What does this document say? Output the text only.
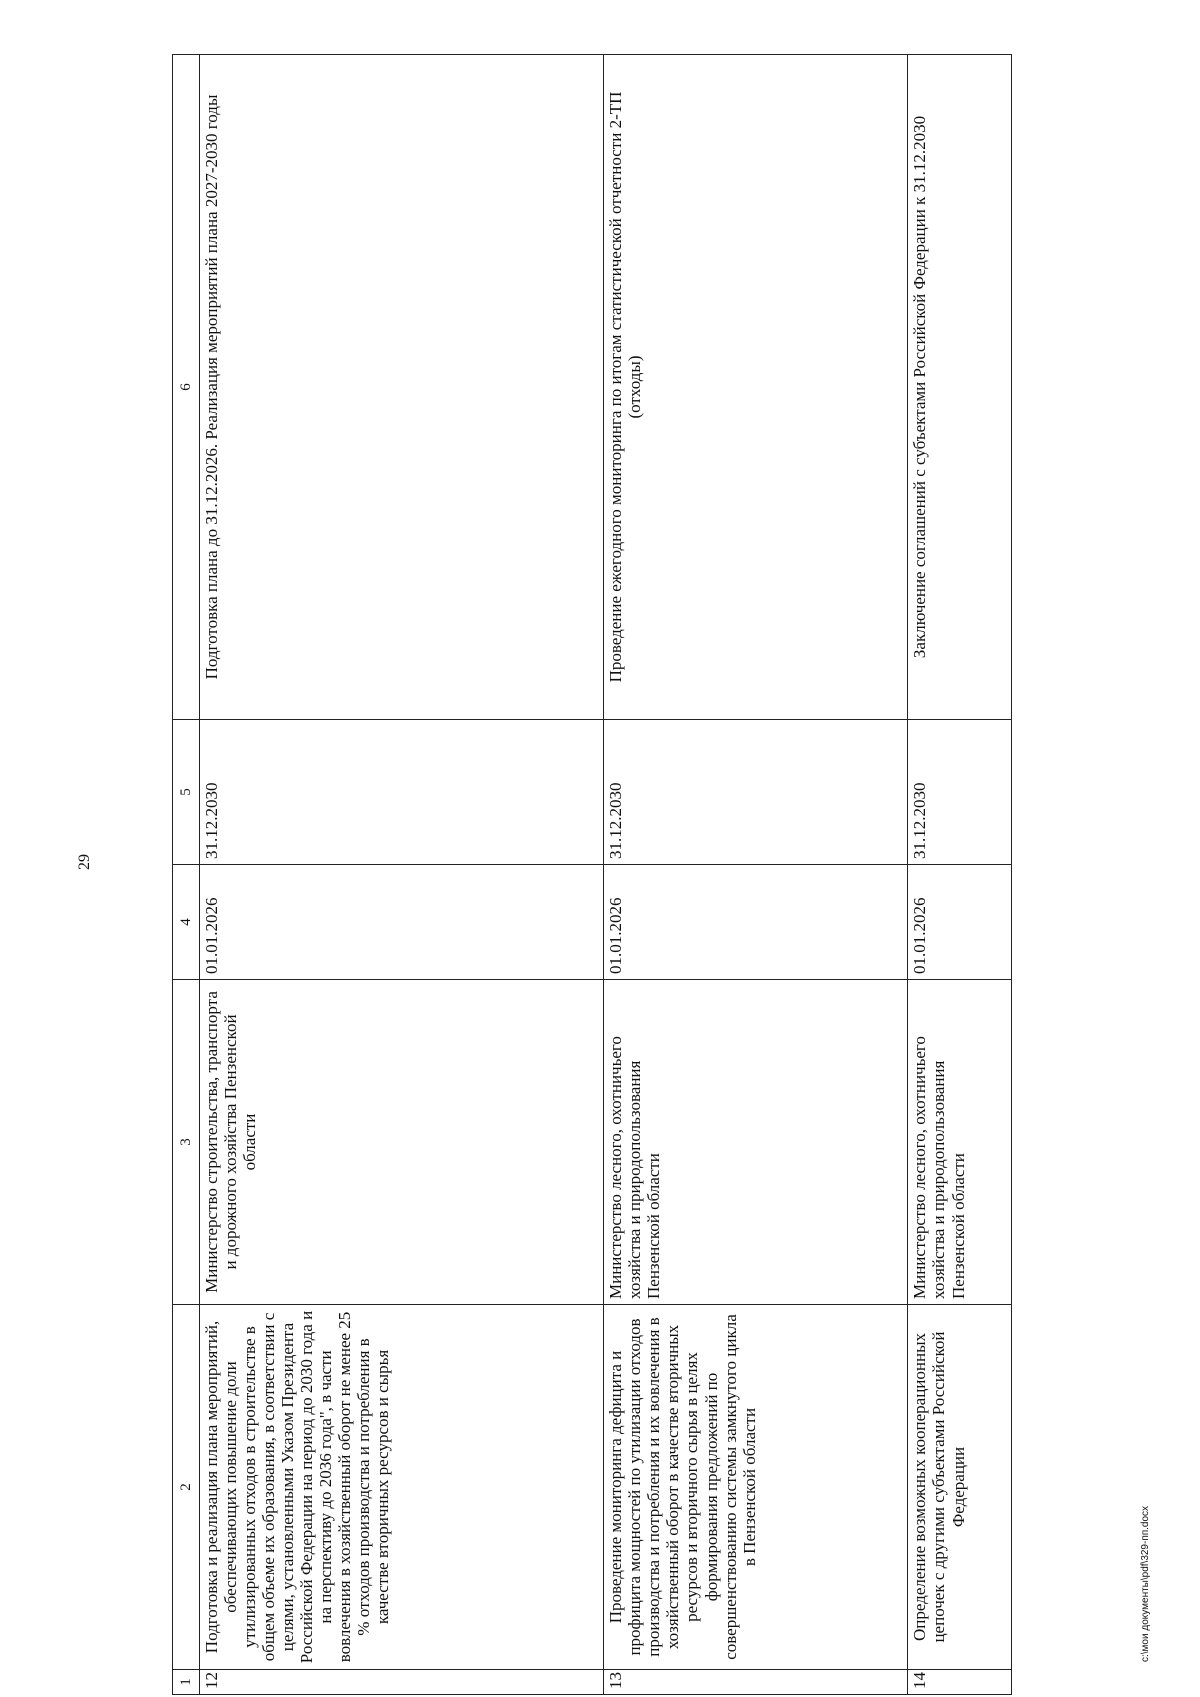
29
1	2	3	4	5	6
12	Подготовка и реализация плана мероприятий, обеспечивающих повышение доли утилизированных отходов в строительстве в общем объеме их образования, в соответствии с целями, установленными Указом Президента Российской Федерации на период до 2030 года и на перспективу до 2036 года", в части вовлечения в хозяйственный оборот не менее 25 % отходов производства и потребления в качестве вторичных ресурсов и сырья	Министерство строительства, транспорта и дорожного хозяйства Пензенской области	01.01.2026	31.12.2030	Подготовка плана до 31.12.2026. Реализация мероприятий плана 2027-2030 годы
13	Проведение мониторинга дефицита и профицита мощностей по утилизации отходов производства и потребления и их вовлечения в хозяйственный оборот в качестве вторичных ресурсов и вторичного сырья в целях формирования предложений по совершенствованию системы замкнутого цикла в Пензенской области	Министерство лесного, охотничьего хозяйства и природопользования Пензенской области	01.01.2026	31.12.2030	Проведение ежегодного мониторинга по итогам статистической отчетности 2-ТП (отходы)
14	Определение возможных кооперационных цепочек с другими субъектами Российской Федерации	Министерство лесного, охотничьего хозяйства и природопользования Пензенской области	01.01.2026	31.12.2030	Заключение соглашений с субъектами Российской Федерации к 31.12.2030
c:\мои документы\pdf\329-пп.docx
